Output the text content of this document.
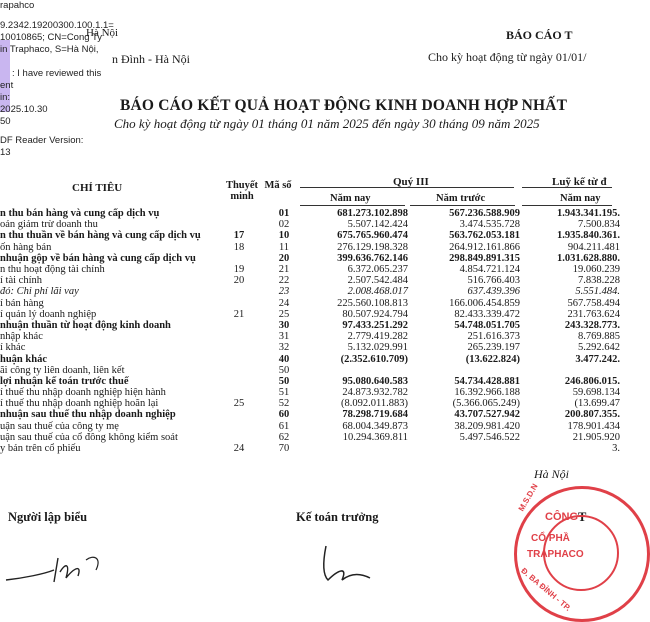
rapahco
9.2342.19200300.100.1.1=
10010865; CN=Cong Ty
in Traphaco, S=Hà Nội,
: I have reviewed this
ent
in:
2025.10.30
50
DF Reader Version:
13
Hà Nội
n Đình - Hà Nội
BÁO CÁO T
Cho kỳ hoạt động từ ngày 01/01/
BÁO CÁO KẾT QUẢ HOẠT ĐỘNG KINH DOANH HỢP NHẤT
Cho kỳ hoạt động từ ngày 01 tháng 01 năm 2025 đến ngày 30 tháng 09 năm 2025
CHỈ TIÊU	Thuyết minh
Mã số	Quý III	Luỹ kế từ đ
Năm nay	Năm trước	Năm nay
n thu bán hàng và cung cấp dịch vụ		01	681.273.102.898	567.236.588.909	1.943.341.195.
oản giảm trừ doanh thu		02	5.507.142.424	3.474.535.728	7.500.834
n thu thuần về bán hàng và cung cấp dịch vụ	17	10	675.765.960.474	563.762.053.181	1.935.840.361.
ốn hàng bán	18	11	276.129.198.328	264.912.161.866	904.211.481
nhuận gộp về bán hàng và cung cấp dịch vụ		20	399.636.762.146	298.849.891.315	1.031.628.880.
n thu hoạt động tài chính	19	21	6.372.065.237	4.854.721.124	19.060.239
í tài chính	20	22	2.507.542.484	516.766.403	7.838.228
đó: Chi phí lãi vay		23	2.008.468.017	637.439.396	5.551.484.
í bán hàng		24	225.560.108.813	166.006.454.859	567.758.494
í quản lý doanh nghiệp	21	25	80.507.924.794	82.433.339.472	231.763.624
nhuận thuần từ hoạt động kinh doanh		30	97.433.251.292	54.748.051.705	243.328.773.
nhập khác		31	2.779.419.282	251.616.373	8.769.885
í khác		32	5.132.029.991	265.239.197	5.292.642
huận khác		40	(2.352.610.709)	(13.622.824)	3.477.242.
ãi công ty liên doanh, liên kết		50			
lợi nhuận kế toán trước thuế		50	95.080.640.583	54.734.428.881	246.806.015.
í thuế thu nhập doanh nghiệp hiện hành		51	24.873.932.782	16.392.966.188	59.698.134
í thuế thu nhập doanh nghiệp hoãn lại	25	52	(8.092.011.883)	(5.366.065.249)	(13.699.47
nhuận sau thuế thu nhập doanh nghiệp		60	78.298.719.684	43.707.527.942	200.807.355.
uận sau thuế của công ty mẹ		61	68.004.349.873	38.209.981.420	178.901.434
uận sau thuế của cổ đông không kiểm soát		62	10.294.369.811	5.497.546.522	21.905.920
y bản trên cổ phiếu	24	70			3.
Hà Nội
Người lập biểu	Kế toán trưởng	T
CÔNG
CỔ PHẦ
TRAPHACO
M.S.D.N
Đ. BA ĐÌNH - TP.
